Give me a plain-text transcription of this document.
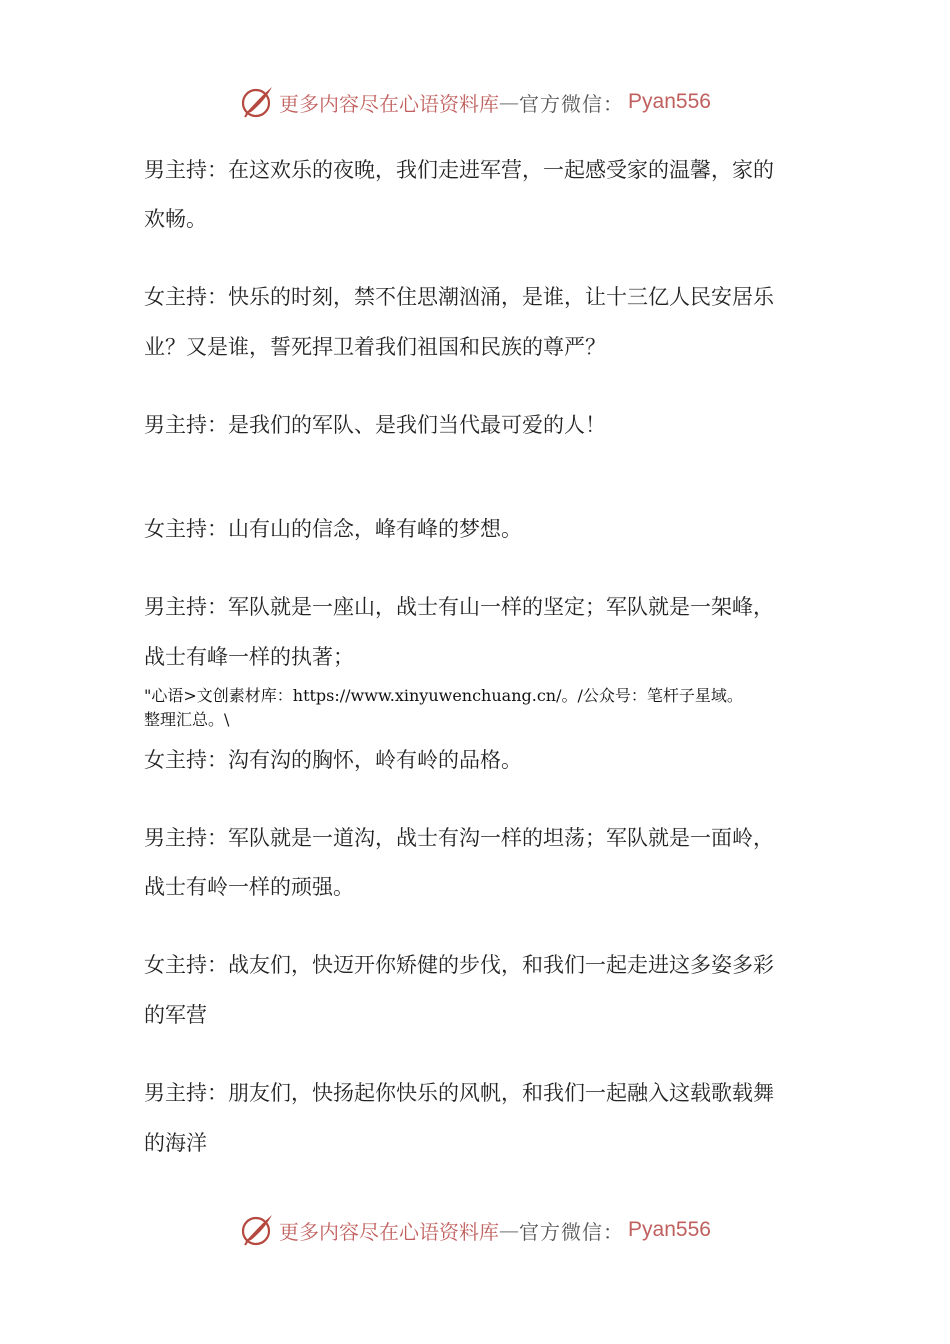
更多内容尽在心语资料库 — 官方微信： Pyan556
男主持：在这欢乐的夜晚，我们走进军营，一起感受家的温馨，家的
欢畅。
女主持：快乐的时刻，禁不住思潮汹涌，是谁，让十三亿人民安居乐
业？又是谁，誓死捍卫着我们祖国和民族的尊严？
男主持：是我们的军队、是我们当代最可爱的人！
女主持：山有山的信念，峰有峰的梦想。
男主持：军队就是一座山，战士有山一样的坚定；军队就是一架峰，
战士有峰一样的执著；
"心语>文创素材库：https://www.xinyuwenchuang.cn/。/公众号：笔杆子星域。
整理汇总。\
女主持：沟有沟的胸怀，岭有岭的品格。
男主持：军队就是一道沟，战士有沟一样的坦荡；军队就是一面岭，
战士有岭一样的顽强。
女主持：战友们，快迈开你矫健的步伐，和我们一起走进这多姿多彩
的军营
男主持：朋友们，快扬起你快乐的风帆，和我们一起融入这载歌载舞
的海洋
更多内容尽在心语资料库 — 官方微信： Pyan556
